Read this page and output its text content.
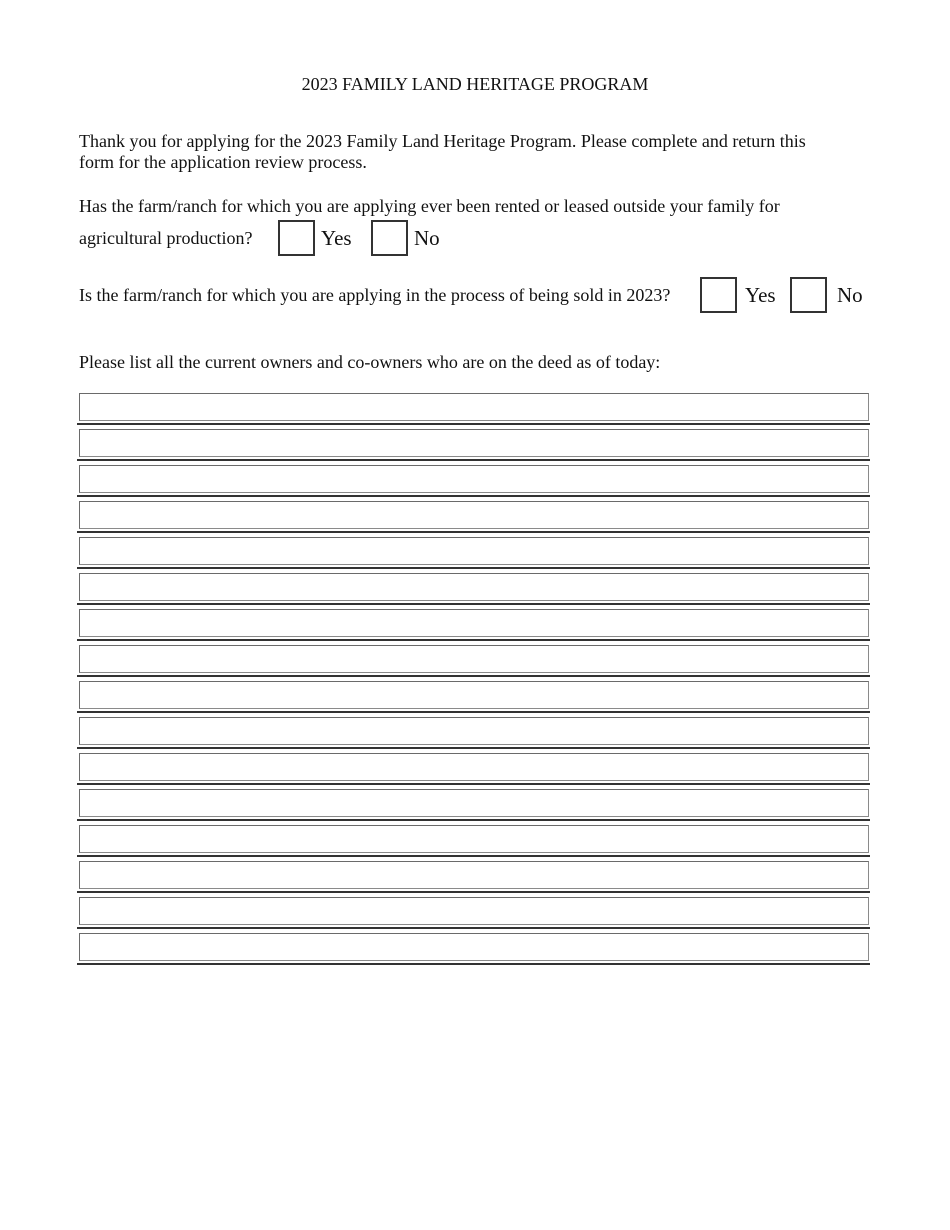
2023 FAMILY LAND HERITAGE PROGRAM
Thank you for applying for the 2023 Family Land Heritage Program. Please complete and return this form for the application review process.
Has the farm/ranch for which you are applying ever been rented or leased outside your family for
agricultural production?	Yes	No
Is the farm/ranch for which you are applying in the process of being sold in 2023?	Yes	No
Please list all the current owners and co-owners who are on the deed as of today:
